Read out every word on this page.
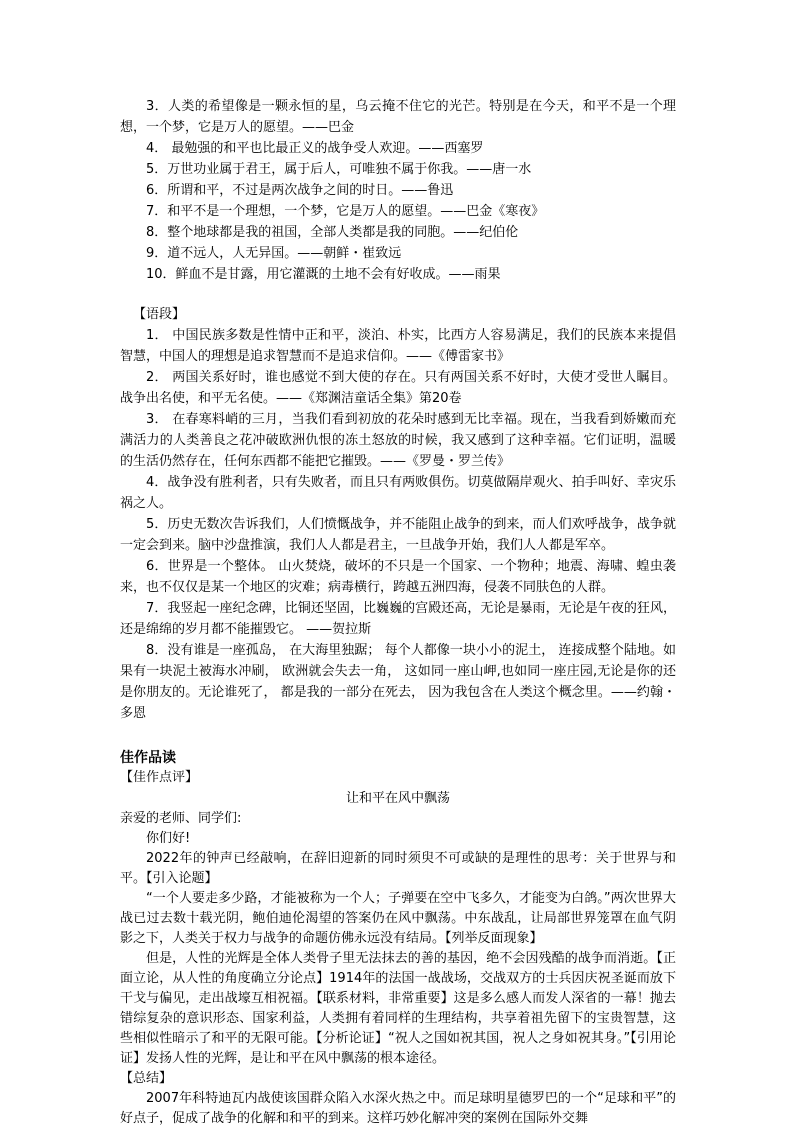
3．人类的希望像是一颗永恒的星，乌云掩不住它的光芒。特别是在今天，和平不是一个理想，一个梦，它是万人的愿望。——巴金

4． 最勉强的和平也比最正义的战争受人欢迎。——西塞罗

5．万世功业属于君王，属于后人，可唯独不属于你我。——唐一水

6．所谓和平，不过是两次战争之间的时日。——鲁迅

7．和平不是一个理想，一个梦，它是万人的愿望。——巴金《寒夜》

8．整个地球都是我的祖国，全部人类都是我的同胞。——纪伯伦

9．道不远人，人无异国。——朝鲜・崔致远

10．鲜血不是甘露，用它灌溉的土地不会有好收成。——雨果

【语段】

1． 中国民族多数是性情中正和平，淡泊、朴实，比西方人容易满足，我们的民族本来提倡智慧，中国人的理想是追求智慧而不是追求信仰。——《傅雷家书》

2． 两国关系好时，谁也感觉不到大使的存在。只有两国关系不好时，大使才受世人瞩目。战争出名使，和平无名使。——《郑渊洁童话全集》第20卷

3． 在春寒料峭的三月，当我们看到初放的花朵时感到无比幸福。现在，当我看到娇嫩而充满活力的人类善良之花冲破欧洲仇恨的冻土怒放的时候，我又感到了这种幸福。它们证明，温暖的生活仍然存在，任何东西都不能把它摧毁。——《罗曼・罗兰传》

4．战争没有胜利者，只有失败者，而且只有两败俱伤。切莫做隔岸观火、拍手叫好、幸灾乐祸之人。

5．历史无数次告诉我们，人们愤慨战争，并不能阻止战争的到来，而人们欢呼战争，战争就一定会到来。脑中沙盘推演，我们人人都是君主，一旦战争开始，我们人人都是军卒。

6．世界是一个整体。 山火焚烧，破坏的不只是一个国家、一个物种；地震、海啸、蝗虫袭来，也不仅仅是某一个地区的灾难；病毒横行，跨越五洲四海，侵袭不同肤色的人群。

7．我竖起一座纪念碑，比铜还坚固，比巍巍的宫殿还高，无论是暴雨，无论是午夜的狂风，还是绵绵的岁月都不能摧毁它。 ——贺拉斯

8．没有谁是一座孤岛， 在大海里独踞； 每个人都像一块小小的泥土， 连接成整个陆地。如果有一块泥土被海水冲刷， 欧洲就会失去一角， 这如同一座山岬,也如同一座庄园,无论是你的还是你朋友的。无论谁死了， 都是我的一部分在死去， 因为我包含在人类这个概念里。——约翰・多恩

佳作品读

【佳作点评】

让和平在风中飘荡

亲爱的老师、同学们:

你们好!

2022年的钟声已经敲响，在辞旧迎新的同时须臾不可或缺的是理性的思考：关于世界与和平。【引入论题】

“一个人要走多少路，才能被称为一个人；子弹要在空中飞多久，才能变为白鸽。”两次世界大战已过去数十载光阴，鲍伯迪伦渴望的答案仍在风中飘荡。中东战乱，让局部世界笼罩在血气阴影之下，人类关于权力与战争的命题仿佛永远没有结局。【列举反面现象】

但是，人性的光辉是全体人类骨子里无法抹去的善的基因，绝不会因残酷的战争而消逝。【正面立论，从人性的角度确立分论点】1914年的法国一战战场，交战双方的士兵因庆祝圣诞而放下干戈与偏见，走出战壕互相祝福。【联系材料，非常重要】这是多么感人而发人深省的一幕！抛去错综复杂的意识形态、国家利益，人类拥有着同样的生理结构，共享着祖先留下的宝贵智慧，这些相似性暗示了和平的无限可能。【分析论证】“祝人之国如祝其国，祝人之身如祝其身。”【引用论证】发扬人性的光辉，是让和平在风中飘荡的根本途径。

【总结】

2007年科特迪瓦内战使该国群众陷入水深火热之中。而足球明星德罗巴的一个“足球和平”的好点子，促成了战争的化解和和平的到来。这样巧妙化解冲突的案例在国际外交舞
